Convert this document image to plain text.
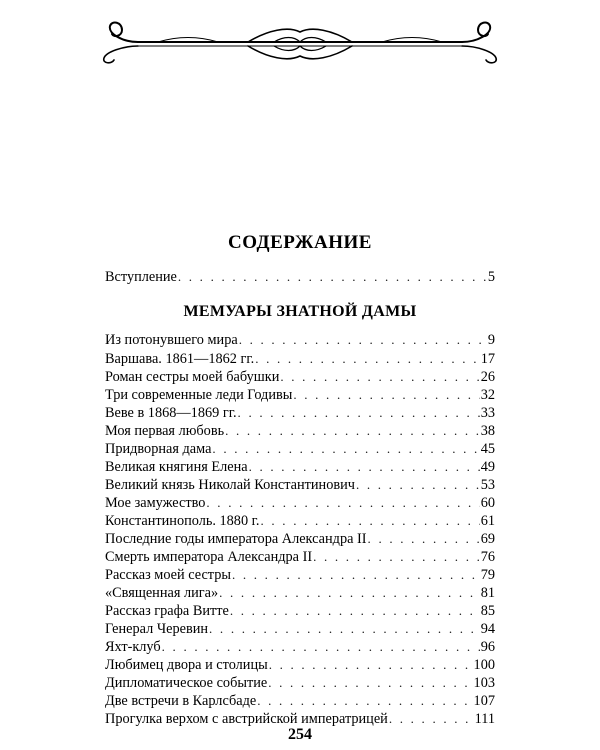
СОДЕРЖАНИЕ
Вступление . . .	5
МЕМУАРЫ ЗНАТНОЙ ДАМЫ
Из потонувшего мира . . .	9
Варшава. 1861—1862 гг. . . .	17
Роман сестры моей бабушки . . .	26
Три современные леди Годивы . . .	32
Веве в 1868—1869 гг. . . .	33
Моя первая любовь . . .	38
Придворная дама . . .	45
Великая княгиня Елена . . .	49
Великий князь Николай Константинович . . .	53
Мое замужество . . .	60
Константинополь. 1880 г. . . .	61
Последние годы императора Александра II . . .	69
Смерть императора Александра II . . .	76
Рассказ моей сестры . . .	79
«Священная лига» . . .	81
Рассказ графа Витте . . .	85
Генерал Черевин . . .	94
Яхт-клуб . . .	96
Любимец двора и столицы . . .	100
Дипломатическое событие . . .	103
Две встречи в Карлсбаде . . .	107
Прогулка верхом с австрийской императрицей . . .	111
254
